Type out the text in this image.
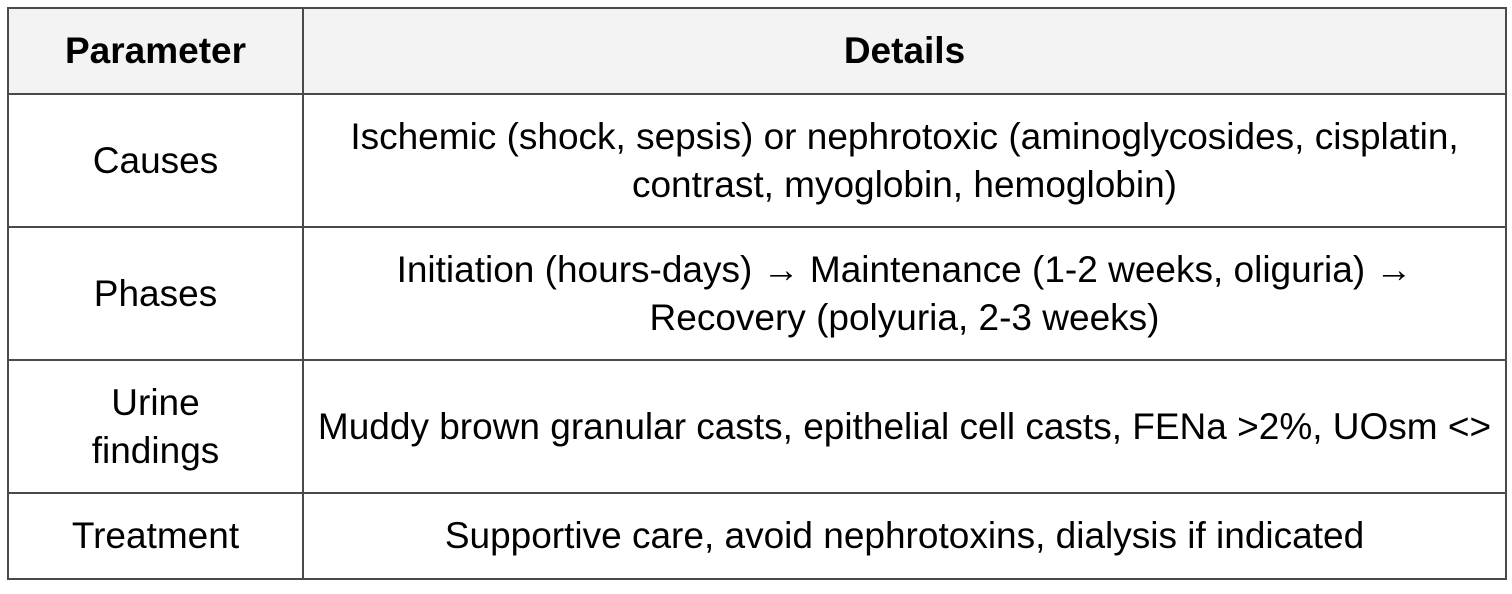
Parameter	Details
Causes	Ischemic (shock, sepsis) or nephrotoxic (aminoglycosides, cisplatin, contrast, myoglobin, hemoglobin)
Phases	Initiation (hours-days) → Maintenance (1-2 weeks, oliguria) → Recovery (polyuria, 2-3 weeks)
Urine findings	Muddy brown granular casts, epithelial cell casts, FENa >2%, UOsm <>
Treatment	Supportive care, avoid nephrotoxins, dialysis if indicated
